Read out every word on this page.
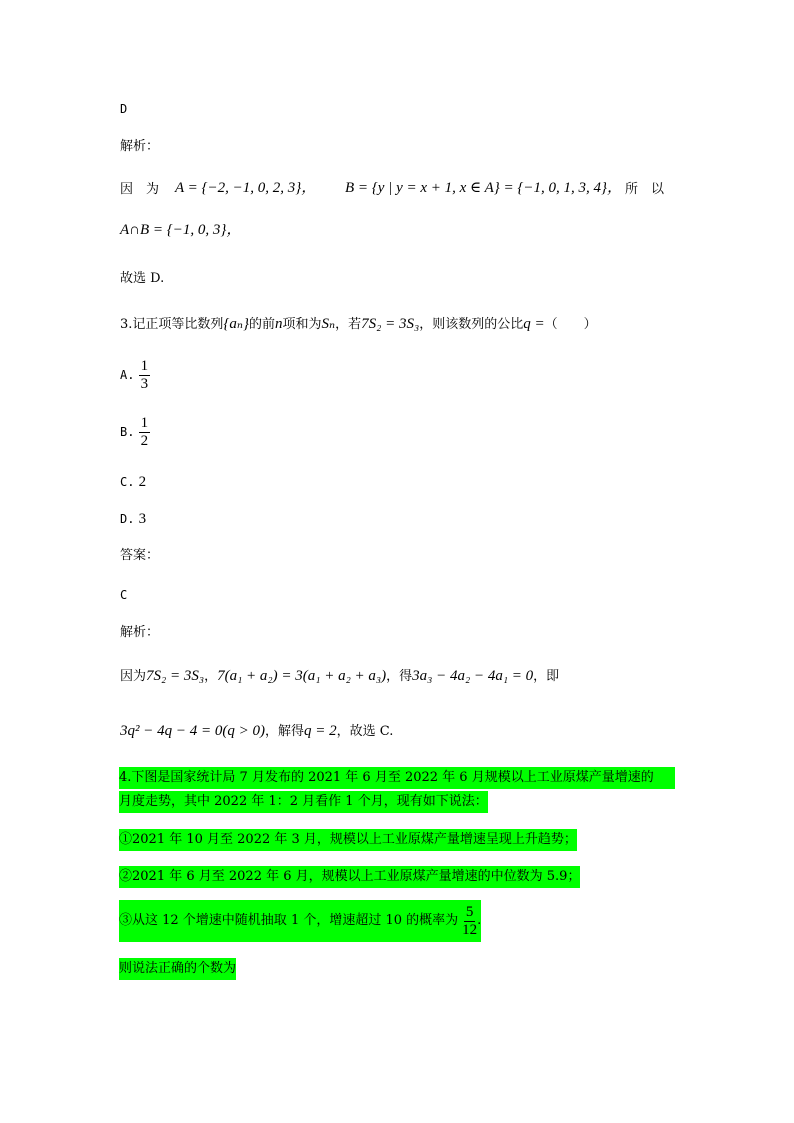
D
解析：
因　为 A = {−2, −1, 0, 2, 3}， B = {y | y = x + 1, x ∈ A} = {−1, 0, 1, 3, 4}， 所　以
A∩B = {−1, 0, 3}，
故选 D.
3.记正项等比数列{aₙ}的前n项和为Sₙ，若7S₂ = 3S₃，则该数列的公比q =（　　）
A. $\frac{1}{3}$
B. $\frac{1}{2}$
C. 2
D. 3
答案：
C
解析：
因为7S₂ = 3S₃，7(a₁ + a₂) = 3(a₁ + a₂ + a₃)，得3a₃ − 4a₂ − 4a₁ = 0，即
3q² − 4q − 4 = 0(q > 0)，解得q = 2，故选 C.
4.下图是国家统计局 7 月发布的 2021 年 6 月至 2022 年 6 月规模以上工业原煤产量增速的
月度走势，其中 2022 年 1：2 月看作 1 个月，现有如下说法：
①2021 年 10 月至 2022 年 3 月，规模以上工业原煤产量增速呈现上升趋势；
②2021 年 6 月至 2022 年 6 月，规模以上工业原煤产量增速的中位数为 5.9；
③从这 12 个增速中随机抽取 1 个，增速超过 10 的概率为 $\frac{5}{12}$ .
则说法正确的个数为
